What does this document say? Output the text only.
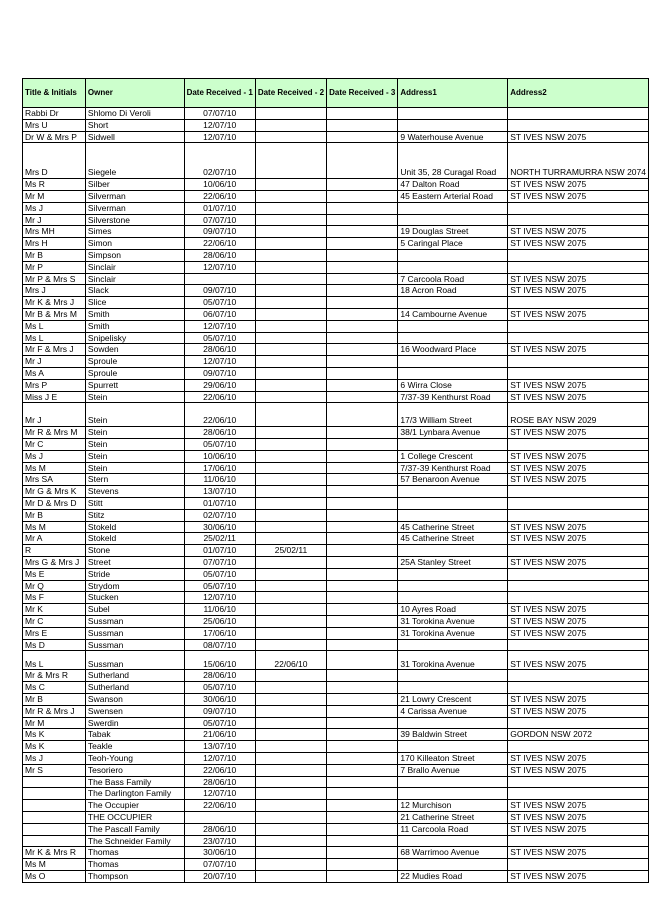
Title & Initials	Owner	Date Received - 1	Date Received - 2	Date Received - 3	Address1	Address2
Rabbi Dr	Shlomo Di Veroli	07/07/10				
Mrs U	Short	12/07/10				
Dr W & Mrs P	Sidwell	12/07/10			9 Waterhouse Avenue	ST IVES NSW 2075
Mrs D	Siegele	02/07/10			Unit 35, 28 Curagal Road	NORTH TURRAMURRA NSW 2074
Ms R	Silber	10/06/10			47 Dalton Road	ST IVES NSW 2075
Mr M	Silverman	22/06/10			45 Eastern Arterial Road	ST IVES NSW 2075
Ms J	Silverman	01/07/10				
Mr J	Silverstone	07/07/10				
Mrs MH	Simes	09/07/10			19 Douglas Street	ST IVES NSW 2075
Mrs H	Simon	22/06/10			5 Caringal Place	ST IVES NSW 2075
Mr B	Simpson	28/06/10				
Mr P	Sinclair	12/07/10				
Mr P & Mrs S	Sinclair				7 Carcoola Road	ST IVES NSW 2075
Mrs J	Slack	09/07/10			18 Acron Road	ST IVES NSW 2075
Mr K & Mrs J	Slice	05/07/10				
Mr B & Mrs M	Smith	06/07/10			14 Cambourne Avenue	ST IVES NSW 2075
Ms L	Smith	12/07/10				
Ms L	Snipelisky	05/07/10				
Mr F & Mrs J	Sowden	28/06/10			16 Woodward Place	ST IVES NSW 2075
Mr J	Sproule	12/07/10				
Ms A	Sproule	09/07/10				
Mrs P	Spurrett	29/06/10			6 Wirra Close	ST IVES NSW 2075
Miss J E	Stein	22/06/10			7/37-39 Kenthurst Road	ST IVES NSW 2075
Mr J	Stein	22/06/10			17/3 William Street	ROSE BAY NSW 2029
Mr R & Mrs M	Stein	28/06/10			38/1 Lynbara Avenue	ST IVES NSW 2075
Mr C	Stein	05/07/10				
Ms J	Stein	10/06/10			1 College Crescent	ST IVES NSW 2075
Ms M	Stein	17/06/10			7/37-39 Kenthurst Road	ST IVES NSW 2075
Mrs SA	Stern	11/06/10			57 Benaroon Avenue	ST IVES NSW 2075
Mr G & Mrs K	Stevens	13/07/10				
Mr D & Mrs D	Stitt	01/07/10				
Mr B	Stitz	02/07/10				
Ms M	Stokeld	30/06/10			45 Catherine Street	ST IVES NSW 2075
Mr A	Stokeld	25/02/11			45 Catherine Street	ST IVES NSW 2075
R	Stone	01/07/10	25/02/11			
Mrs G & Mrs J	Street	07/07/10			25A Stanley Street	ST IVES NSW 2075
Ms E	Stride	05/07/10				
Mr Q	Strydom	05/07/10				
Ms F	Stucken	12/07/10				
Mr K	Subel	11/06/10			10 Ayres Road	ST IVES NSW 2075
Mr C	Sussman	25/06/10			31 Torokina Avenue	ST IVES NSW 2075
Mrs E	Sussman	17/06/10			31 Torokina Avenue	ST IVES NSW 2075
Ms D	Sussman	08/07/10				
Ms L	Sussman	15/06/10	22/06/10		31 Torokina Avenue	ST IVES NSW 2075
Mr & Mrs R	Sutherland	28/06/10				
Ms C	Sutherland	05/07/10				
Mr B	Swanson	30/06/10			21 Lowry Crescent	ST IVES NSW 2075
Mr R & Mrs J	Swensen	09/07/10			4 Carissa Avenue	ST IVES NSW 2075
Mr M	Swerdin	05/07/10				
Ms K	Tabak	21/06/10			39 Baldwin Street	GORDON NSW 2072
Ms K	Teakle	13/07/10				
Ms J	Teoh-Young	12/07/10			170 Killeaton Street	ST IVES NSW 2075
Mr S	Tesoriero	22/06/10			7 Brallo Avenue	ST IVES NSW 2075
	The Bass Family	28/06/10				
	The Darlington Family	12/07/10				
	The Occupier	22/06/10			12 Murchison	ST IVES NSW 2075
	THE OCCUPIER				21 Catherine Street	ST IVES NSW 2075
	The Pascall Family	28/06/10			11 Carcoola Road	ST IVES NSW 2075
	The Schneider Family	23/07/10				
Mr K & Mrs R	Thomas	30/06/10			68 Warrimoo Avenue	ST IVES NSW 2075
Ms M	Thomas	07/07/10				
Ms O	Thompson	20/07/10			22 Mudies Road	ST IVES NSW 2075
